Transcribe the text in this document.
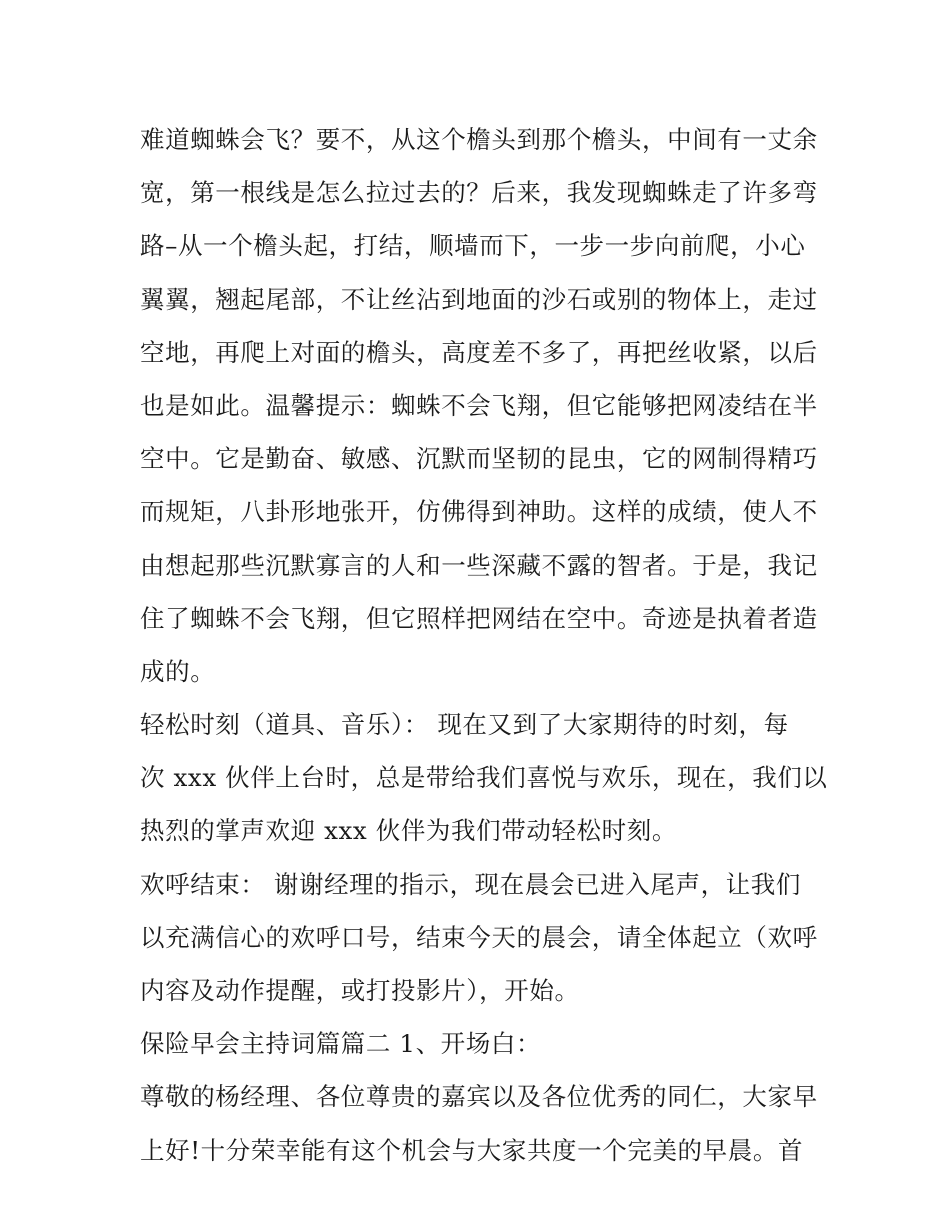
难道蜘蛛会飞？要不，从这个檐头到那个檐头，中间有一丈余
宽，第一根线是怎么拉过去的？后来，我发现蜘蛛走了许多弯
路–从一个檐头起，打结，顺墙而下，一步一步向前爬，小心
翼翼，翘起尾部，不让丝沾到地面的沙石或别的物体上，走过
空地，再爬上对面的檐头，高度差不多了，再把丝收紧，以后
也是如此。温馨提示：蜘蛛不会飞翔，但它能够把网凌结在半
空中。它是勤奋、敏感、沉默而坚韧的昆虫，它的网制得精巧
而规矩，八卦形地张开，仿佛得到神助。这样的成绩，使人不
由想起那些沉默寡言的人和一些深藏不露的智者。于是，我记
住了蜘蛛不会飞翔，但它照样把网结在空中。奇迹是执着者造
成的。
轻松时刻（道具、音乐）： 现在又到了大家期待的时刻，每
次 xxx 伙伴上台时，总是带给我们喜悦与欢乐，现在，我们以
热烈的掌声欢迎 xxx 伙伴为我们带动轻松时刻。
欢呼结束： 谢谢经理的指示，现在晨会已进入尾声，让我们
以充满信心的欢呼口号，结束今天的晨会，请全体起立（欢呼
内容及动作提醒，或打投影片），开始。
保险早会主持词篇篇二 1、开场白：
尊敬的杨经理、各位尊贵的嘉宾以及各位优秀的同仁，大家早
上好!十分荣幸能有这个机会与大家共度一个完美的早晨。首
